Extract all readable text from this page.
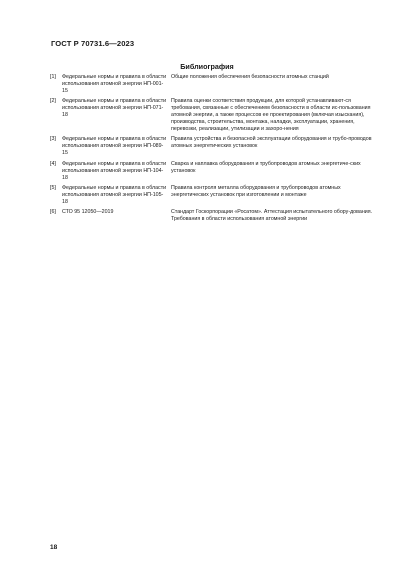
ГОСТ Р 70731.6—2023
Библиография
[1]	Федеральные нормы и правила в области использования атомной энергии НП-001-15
Общие положения обеспечения безопасности атомных станций
[2]	Федеральные нормы и правила в области использования атомной энергии НП-071-18
Правила оценки соответствия продукции, для которой устанавливают-ся требования, связанные с обеспечением безопасности в области ис-пользования атомной энергии, а также процессов ее проектирования (включая изыскания), производства, строительства, монтажа, наладки, эксплуатации, хранения, перевозки, реализации, утилизации и захоро-нения
[3]	Федеральные нормы и правила в области использования атомной энергии НП-089-15
Правила устройства и безопасной эксплуатации оборудования и трубо-проводов атомных энергетических установок
[4]	Федеральные нормы и правила в области использования атомной энергии НП-104-18
Сварка и наплавка оборудования и трубопроводов атомных энергетиче-ских установок
[5]	Федеральные нормы и правила в области использования атомной энергии НП-105-18
Правила контроля металла оборудования и трубопроводов атомных энергетических установок при изготовлении и монтаже
[6]	СТО 95 12050—2019	Стандарт Госкорпорации «Росатом». Аттестация испытательного обору-дования. Требования в области использования атомной энергии
18
